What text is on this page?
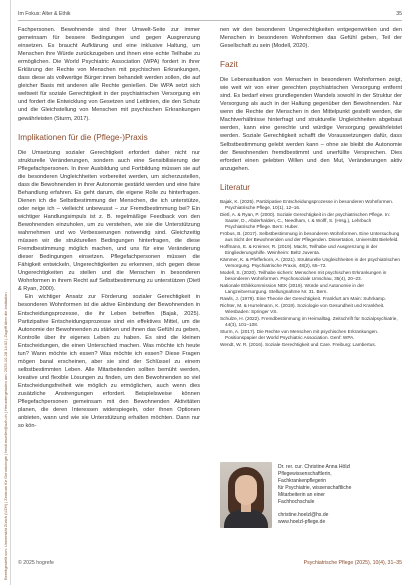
Bereitgestellt von: Universität Zürich (UZH) | Zentrum für Gerontologie | heidi.mueller@uzh.ch | Heruntergeladen am: 2025-10-28 14:02 | Zugriff über die Institution
Im Fokus: Alter & Ethik	35

Fachpersonen. Bewohnende sind ihrer Umwelt-Seite zur immer gemeinsam für bessere Bedingungen und gegen Ausgrenzung einsetzen. Es braucht Aufklärung und eine inklusive Haltung, um Menschen ihre Würde zurückzugeben und ihnen eine echte Teilhabe zu ermöglichen. Die World Psychiatric Association (WPA) fordert in ihrer Erklärung der Rechte von Menschen mit psychischen Erkrankungen, dass diese als vollwertige Bürger:innen behandelt werden sollen, die auf gleicher Basis mit anderen alle Rechte genießen. Die WPA setzt sich weltweit für soziale Gerechtigkeit in der psychiatrischen Versorgung ein und fordert die Entwicklung von Gesetzen und Leitlinien, die den Schutz und die Gleichstellung von Menschen mit psychischen Erkrankungen gewährleisten (Sturm, 2017).

Implikationen für die (Pflege-)Praxis

Die Umsetzung sozialer Gerechtigkeit erfordert daher nicht nur strukturelle Veränderungen, sondern auch eine Sensibilisierung der Pflegefachpersonen. In ihrer Ausbildung und Fortbildung müssen sie auf die besonderen Ungleichheiten vorbereitet werden, um sicherzustellen, dass die Bewohnenden in ihrer Autonomie gestärkt werden und eine faire Behandlung erfahren. Es geht darum, die eigene Rolle zu hinterfragen. Dienen ich die Selbstbestimmung der Menschen, die ich unterstütze, oder neige ich – vielleicht unbewusst – zur Fremdbestimmung bei? Ein wichtiger Handlungsimpuls ist z. B. regelmäßige Feedback von den Bewohnenden einzuholen, um zu verstehen, wie sie die Unterstützung wahrnehmen und wo Verbesserungen notwendig sind. Gleichzeitig müssen wir die strukturellen Bedingungen hinterfragen, die diese Fremdbestimmung möglich machen, und uns für eine Veränderung dieser Bedingungen einsetzen. Pflegefachpersonen müssen die Fähigkeit entwickeln, Ungerechtigkeiten zu erkennen, sich gegen diese Ungerechtigkeiten zu stellen und die Menschen in besonderen Wohnformen in ihrem Recht auf Selbstbestimmung zu unterstützen (Dietl & Ryan, 2000).

Ein wichtiger Ansatz zur Förderung sozialer Gerechtigkeit in besonderen Wohnformen ist die aktive Einbindung der Bewohnenden in Entscheidungsprozesse, die ihr Leben betreffen (Bajak, 2025). Partizipative Entscheidungsprozesse sind ein effektives Mittel, um die Autonomie der Bewohnenden zu stärken und ihnen das Gefühl zu geben, Kontrolle über ihr eigenes Leben zu haben. Es sind die kleinen Entscheidungen, die einen Unterschied machen. Was möchte ich heute tun? Wann möchte ich essen? Was möchte ich essen? Diese Fragen mögen banal erscheinen, aber sie sind der Schlüssel zu einem selbstbestimmten Leben. Alle Mitarbeitenden sollten bemüht werden, kreative und flexible Lösungen zu finden, um den Bewohnenden so viel Entscheidungsfreiheit wie möglich zu ermöglichen, auch wenn dies zusätzliche Anstrengungen erfordert. Beispielsweise können Pflegefachpersonen gemeinsam mit den Bewohnenden Aktivitäten planen, die deren Interessen widerspiegeln, oder ihnen Optionen anbieten, wann und wie sie Unterstützung erhalten möchten. Dann nur so kön-

nen wir den besonderen Ungerechtigkeiten entgegenwirken und den Menschen in besonderen Wohnformen das Gefühl geben, Teil der Gesellschaft zu sein (Modell, 2020).

Fazit

Die Lebenssituation von Menschen in besonderen Wohnformen zeigt, wie weit wir von einer gerechten psychiatrischen Versorgung entfernt sind. Es bedarf eines grundlegenden Wandels sowohl in der Struktur der Versorgung als auch in der Haltung gegenüber den Bewohnenden. Nur wenn die Rechte der Menschen in den Mittelpunkt gestellt werden, die Machtverhältnisse hinterfragt und strukturelle Ungleichheiten abgebaut werden, kann eine gerechte und würdige Versorgung gewährleistet werden. Soziale Gerechtigkeit schafft die Voraussetzungen dafür, dass Selbstbestimmung gelebt werden kann – ohne sie bleibt die Autonomie der Bewohnenden fremdbestimmt und unerfüllte Versprechen. Dies erfordert einen gelebten Willen und den Mut, Veränderungen aktiv anzugehen.

Literatur
Bajak, K. (2025). Partizipative Entscheidungsprozesse in besonderen Wohnformen. Psychiatrische Pflege, 10(1), 12–16.
Dietl, A. & Ryan, P. (2000). Soziale Gerechtigkeit in der psychiatrischen Pflege. In: Sauter, D., Abderhalden, C., Needham, I. & Wolff, S. (Hrsg.), Lehrbuch Psychiatrische Pflege. Bern: Huber.
Fröbus, B. (2017). Selbstbestimmung in besonderen Wohnformen. Eine Untersuchung aus Sicht der Bewohnenden und der Pflegenden. Dissertation, Universität Bielefeld.
Hoffmann, E. & Kreimer, R. (2019). Macht, Teilhabe und Ausgrenzung in der Eingliederungshilfe. Weinheim: Beltz Juventa.
Kämmer, K. & Pfefferkorn, A. (2021). Strukturelle Ungleichheiten in der psychiatrischen Versorgung. Psychiatrische Praxis, 48(2), 65–72.
Modell, S. (2020). Teilhabe sichern: Menschen mit psychischen Erkrankungen in besonderen Wohnformen. Psychosoziale Umschau, 35(4), 20–23.
Nationale Ethikkommission NEK (2019). Würde und Autonomie in der Langzeitversorgung. Stellungnahme Nr. 31. Bern.
Rawls, J. (1979). Eine Theorie der Gerechtigkeit. Frankfurt am Main: Suhrkamp.
Richter, M. & Hurrelmann, K. (2018). Soziologie von Gesundheit und Krankheit. Wiesbaden: Springer VS.
Schulze, H. (2022). Fremdbestimmung im Heimalltag. Zeitschrift für Sozialpsychiatrie, 44(3), 101–108.
Sturm, A. (2017). Die Rechte von Menschen mit psychischen Erkrankungen. Positionspapier der World Psychiatric Association. Genf: WPA.
Wendt, W. R. (2016). Soziale Gerechtigkeit und Care. Freiburg: Lambertus.
Dr. rer. cur. Christine Anna Hölzl
Pflegewissenschaftlerin,
Fachkrankenpflegerin
für Psychiatrie, wissenschaftliche
Mitarbeiterin an einer
Fachhochschule
christine.hoelzl@hs.de
www.hoelzl-pflege.de
© 2025 hogrefe	Psychiatrische Pflege (2025), 10(4), 31–35
